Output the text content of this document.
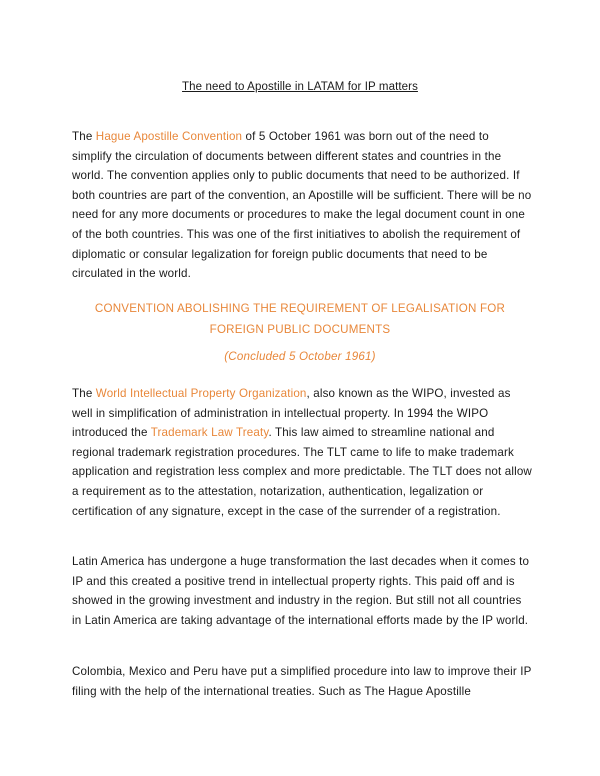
The need to Apostille in LATAM for IP matters

The Hague Apostille Convention of 5 October 1961 was born out of the need to simplify the circulation of documents between different states and countries in the world. The convention applies only to public documents that need to be authorized. If both countries are part of the convention, an Apostille will be sufficient. There will be no need for any more documents or procedures to make the legal document count in one of the both countries. This was one of the first initiatives to abolish the requirement of diplomatic or consular legalization for foreign public documents that need to be circulated in the world.

CONVENTION ABOLISHING THE REQUIREMENT OF LEGALISATION FOR
FOREIGN PUBLIC DOCUMENTS
(Concluded 5 October 1961)

The World Intellectual Property Organization, also known as the WIPO, invested as well in simplification of administration in intellectual property. In 1994 the WIPO introduced the Trademark Law Treaty. This law aimed to streamline national and regional trademark registration procedures. The TLT came to life to make trademark application and registration less complex and more predictable. The TLT does not allow a requirement as to the attestation, notarization, authentication, legalization or certification of any signature, except in the case of the surrender of a registration.

Latin America has undergone a huge transformation the last decades when it comes to IP and this created a positive trend in intellectual property rights. This paid off and is showed in the growing investment and industry in the region. But still not all countries in Latin America are taking advantage of the international efforts made by the IP world.

Colombia, Mexico and Peru have put a simplified procedure into law to improve their IP filing with the help of the international treaties. Such as The Hague Apostille
